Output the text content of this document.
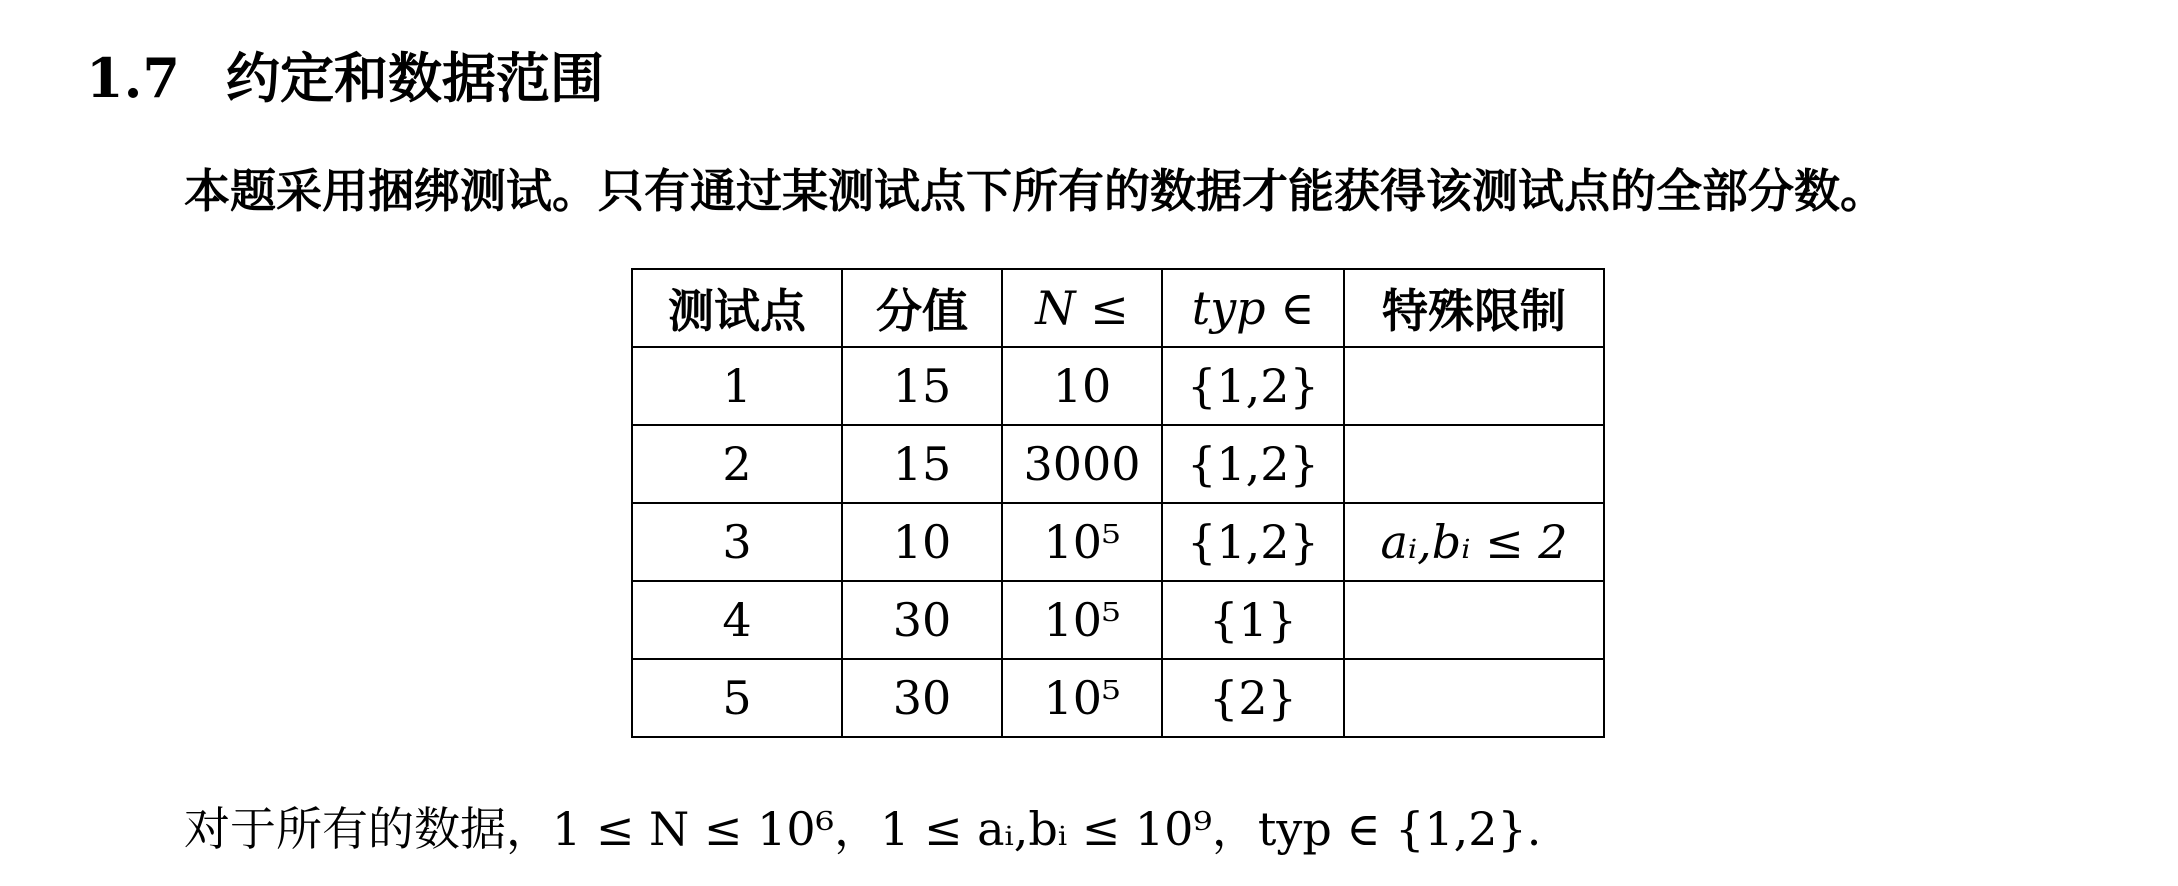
1.7 约定和数据范围
本题采用捆绑测试。只有通过某测试点下所有的数据才能获得该测试点的全部分数。
测试点	分值	N ≤	typ ∈	特殊限制
1	15	10	{1,2}	
2	15	3000	{1,2}	
3	10	10⁵	{1,2}	aᵢ,bᵢ ≤ 2
4	30	10⁵	{1}	
5	30	10⁵	{2}	
对于所有的数据，1 ≤ N ≤ 10⁶，1 ≤ aᵢ,bᵢ ≤ 10⁹，typ ∈ {1,2}.
